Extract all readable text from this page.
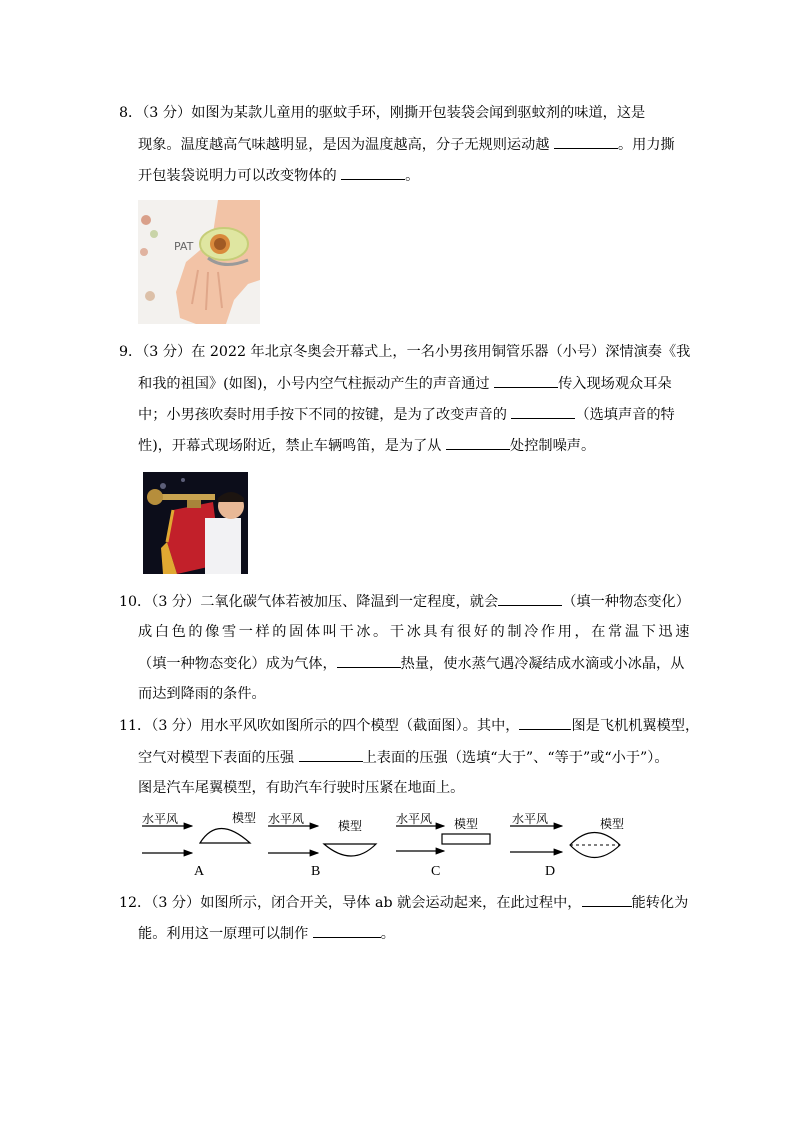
8．（3 分）如图为某款儿童用的驱蚊手环，刚撕开包装袋会闻到驱蚊剂的味道，这是
现象。温度越高气味越明显，是因为温度越高，分子无规则运动越	。用力撕
开包装袋说明力可以改变物体的	。
PAT
9．（3 分）在 2022 年北京冬奥会开幕式上，一名小男孩用铜管乐器（小号）深情演奏《我
和我的祖国》(如图)，小号内空气柱振动产生的声音通过	传入现场观众耳朵
中；小男孩吹奏时用手按下不同的按键，是为了改变声音的	（选填声音的特
性)，开幕式现场附近，禁止车辆鸣笛，是为了从	处控制噪声。
10．（3 分）二氧化碳气体若被加压、降温到一定程度，就会	（填一种物态变化）
成白色的像雪一样的固体叫干冰。干冰具有很好的制冷作用，在常温下迅速
（填一种物态变化）成为气体，	热量，使水蒸气遇冷凝结成水滴或小冰晶，从
而达到降雨的条件。
11．（3 分）用水平风吹如图所示的四个模型（截面图）。其中，	图是飞机机翼模型，
空气对模型下表面的压强	上表面的压强（选填“大于”、“等于”或“小于”）。
图是汽车尾翼模型，有助汽车行驶时压紧在地面上。
水平风	模型
A
水平风	模型
B
水平风 模型
C
水平风	模型
D
12．（3 分）如图所示，闭合开关，导体 ab 就会运动起来，在此过程中，	能转化为
能。利用这一原理可以制作	。
